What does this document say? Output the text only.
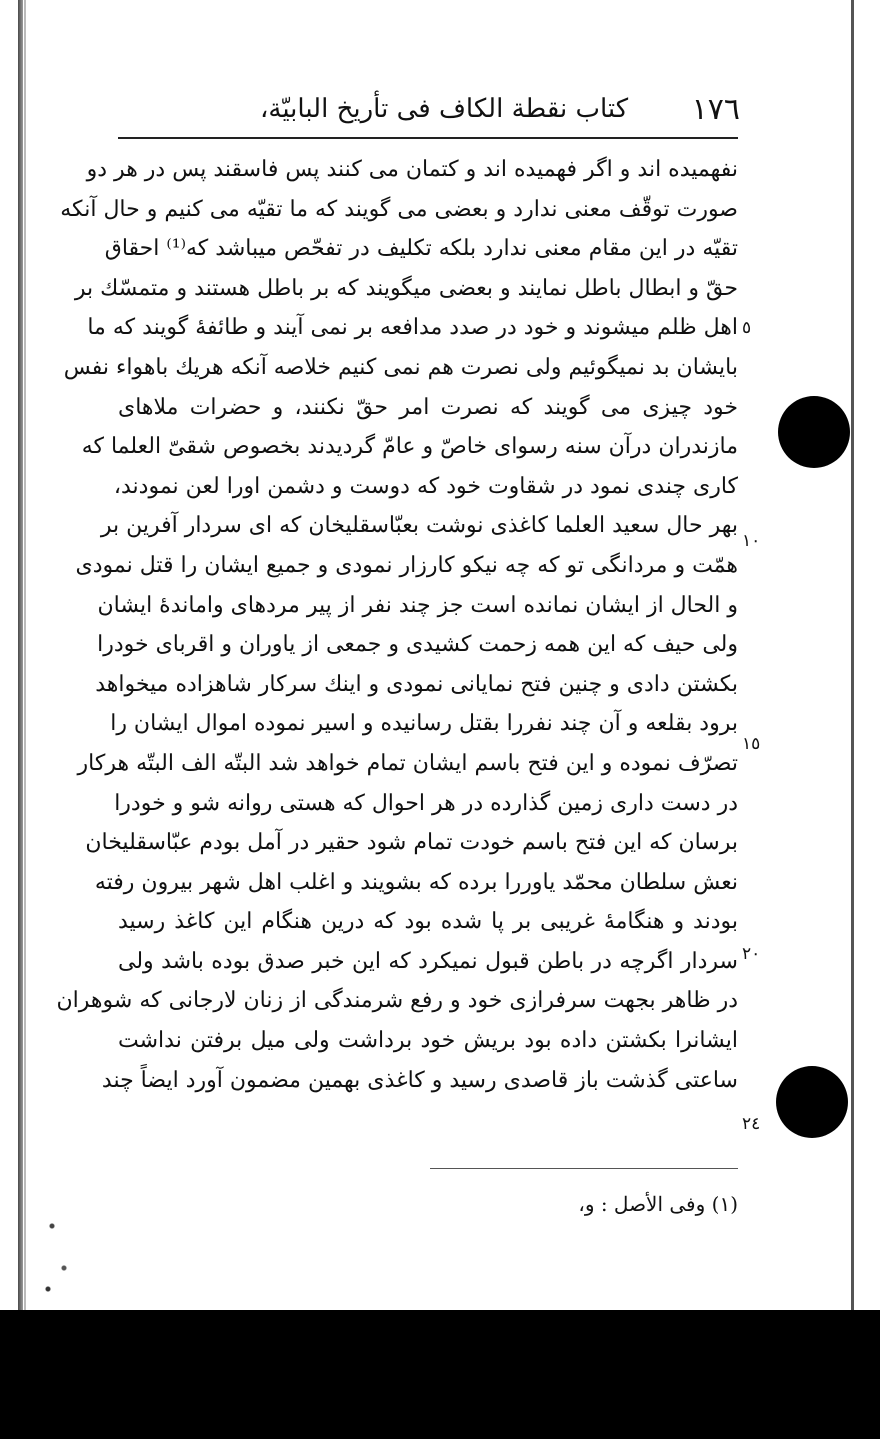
١٧٦
كتاب نقطة الكاف فى تأريخ البابيّة،
نفهميده اند و اگر فهميده اند و كتمان مى كنند پس فاسقند پس در هر دو
صورت توقّف معنى ندارد و بعضى مى گويند كه ما تقيّه مى كنيم و حال آنكه
تقيّه در اين مقام معنى ندارد بلكه تكليف در تفحّص ميباشد كه⁽¹⁾ احقاق
حقّ و ابطال باطل نمايند و بعضى ميگويند كه بر باطل هستند و متمسّك بر
اهل ظلم ميشوند و خود در صدد مدافعه بر نمى آيند و طائفهٔ گويند كه ما
بايشان بد نميگوئيم ولى نصرت هم نمى كنيم خلاصه آنكه هريك باهواء نفس
خود چيزى مى گويند كه نصرت امر حقّ نكنند، و حضرات ملاهاى
مازندران درآن سنه رسواى خاصّ و عامّ گرديدند بخصوص شقىّ العلما كه
كارى چندى نمود در شقاوت خود كه دوست و دشمن اورا لعن نمودند،
بهر حال سعيد العلما كاغذى نوشت بعبّاسقليخان كه اى سردار آفرين بر
همّت و مردانگى تو كه چه نيكو كارزار نمودى و جميع ايشان را قتل نمودى
و الحال از ايشان نمانده است جز چند نفر از پير مردهاى واماندهٔ ايشان
ولى حيف كه اين همه زحمت كشيدى و جمعى از ياوران و اقرباى خودرا
بكشتن دادى و چنين فتح نمايانى نمودى و اينك سركار شاهزاده ميخواهد
برود بقلعه و آن چند نفررا بقتل رسانيده و اسير نموده اموال ايشان را
تصرّف نموده و اين فتح باسم ايشان تمام خواهد شد البتّه الف البتّه هركار
در دست دارى زمين گذارده در هر احوال كه هستى روانه شو و خودرا
برسان كه اين فتح باسم خودت تمام شود حقير در آمل بودم عبّاسقليخان
نعش سلطان محمّد ياوررا برده كه بشويند و اغلب اهل شهر بيرون رفته
بودند و هنگامهٔ غريبى بر پا شده بود كه درين هنگام اين كاغذ رسيد
سردار اگرچه در باطن قبول نميكرد كه اين خبر صدق بوده باشد ولى
در ظاهر بجهت سرفرازى خود و رفع شرمندگى از زنان لارجانى كه شوهران
ايشانرا بكشتن داده بود بريش خود برداشت ولى ميل برفتن نداشت
ساعتى گذشت باز قاصدى رسيد و كاغذى بهمين مضمون آورد ايضاً چند
٥
١٠
١٥
٢٠
٢٤
(١) وفى الأصل : و،
